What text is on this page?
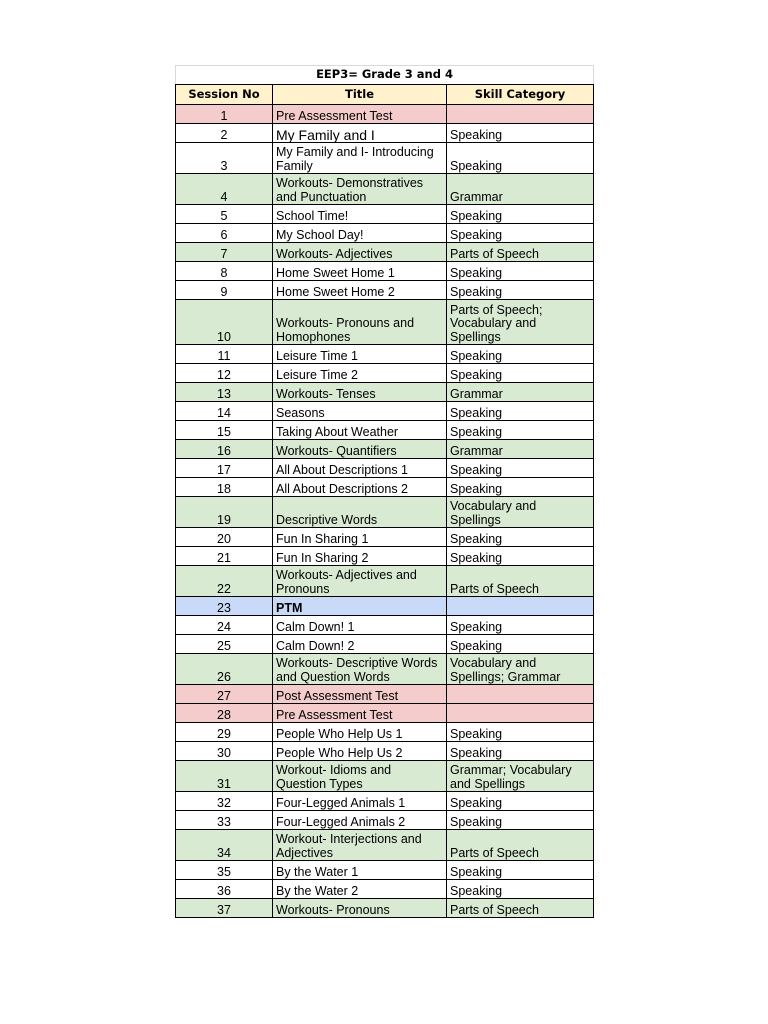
EEP3= Grade 3 and 4		
Session No	Title	Skill Category
1	Pre Assessment Test	
2	My Family and I	Speaking
3	My Family and I- Introducing Family	Speaking
4	Workouts- Demonstratives and Punctuation	Grammar
5	School Time!	Speaking
6	My School Day!	Speaking
7	Workouts- Adjectives	Parts of Speech
8	Home Sweet Home 1	Speaking
9	Home Sweet Home 2	Speaking
10	Workouts- Pronouns and Homophones	Parts of Speech; Vocabulary and Spellings
11	Leisure Time 1	Speaking
12	Leisure Time 2	Speaking
13	Workouts- Tenses	Grammar
14	Seasons	Speaking
15	Taking About Weather	Speaking
16	Workouts- Quantifiers	Grammar
17	All About Descriptions 1	Speaking
18	All About Descriptions 2	Speaking
19	Descriptive Words	Vocabulary and Spellings
20	Fun In Sharing 1	Speaking
21	Fun In Sharing 2	Speaking
22	Workouts- Adjectives and Pronouns	Parts of Speech
23	PTM	
24	Calm Down! 1	Speaking
25	Calm Down! 2	Speaking
26	Workouts- Descriptive Words and Question Words	Vocabulary and Spellings; Grammar
27	Post Assessment Test	
28	Pre Assessment Test	
29	People Who Help Us 1	Speaking
30	People Who Help Us 2	Speaking
31	Workout- Idioms and Question Types	Grammar; Vocabulary and Spellings
32	Four-Legged Animals 1	Speaking
33	Four-Legged Animals 2	Speaking
34	Workout- Interjections and Adjectives	Parts of Speech
35	By the Water 1	Speaking
36	By the Water 2	Speaking
37	Workouts- Pronouns	Parts of Speech
